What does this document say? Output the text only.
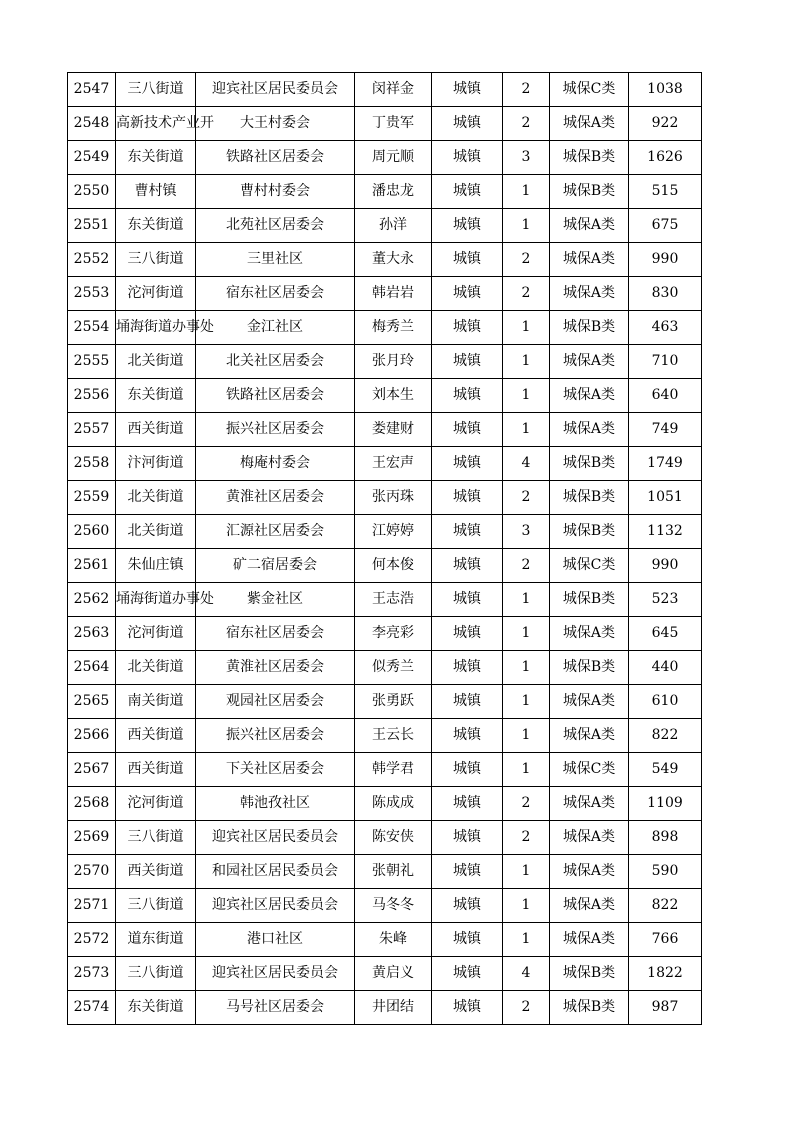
2547	三八街道	迎宾社区居民委员会	闵祥金	城镇	2	城保C类	1038
2548	高新技术产业开	大王村委会	丁贵军	城镇	2	城保A类	922
2549	东关街道	铁路社区居委会	周元顺	城镇	3	城保B类	1626
2550	曹村镇	曹村村委会	潘忠龙	城镇	1	城保B类	515
2551	东关街道	北苑社区居委会	孙洋	城镇	1	城保A类	675
2552	三八街道	三里社区	董大永	城镇	2	城保A类	990
2553	沱河街道	宿东社区居委会	韩岩岩	城镇	2	城保A类	830
2554	埇海街道办事处	金江社区	梅秀兰	城镇	1	城保B类	463
2555	北关街道	北关社区居委会	张月玲	城镇	1	城保A类	710
2556	东关街道	铁路社区居委会	刘本生	城镇	1	城保A类	640
2557	西关街道	振兴社区居委会	娄建财	城镇	1	城保A类	749
2558	汴河街道	梅庵村委会	王宏声	城镇	4	城保B类	1749
2559	北关街道	黄淮社区居委会	张丙珠	城镇	2	城保B类	1051
2560	北关街道	汇源社区居委会	江婷婷	城镇	3	城保B类	1132
2561	朱仙庄镇	矿二宿居委会	何本俊	城镇	2	城保C类	990
2562	埇海街道办事处	紫金社区	王志浩	城镇	1	城保B类	523
2563	沱河街道	宿东社区居委会	李亮彩	城镇	1	城保A类	645
2564	北关街道	黄淮社区居委会	似秀兰	城镇	1	城保B类	440
2565	南关街道	观园社区居委会	张勇跃	城镇	1	城保A类	610
2566	西关街道	振兴社区居委会	王云长	城镇	1	城保A类	822
2567	西关街道	下关社区居委会	韩学君	城镇	1	城保C类	549
2568	沱河街道	韩池孜社区	陈成成	城镇	2	城保A类	1109
2569	三八街道	迎宾社区居民委员会	陈安侠	城镇	2	城保A类	898
2570	西关街道	和园社区居民委员会	张朝礼	城镇	1	城保A类	590
2571	三八街道	迎宾社区居民委员会	马冬冬	城镇	1	城保A类	822
2572	道东街道	港口社区	朱峰	城镇	1	城保A类	766
2573	三八街道	迎宾社区居民委员会	黄启义	城镇	4	城保B类	1822
2574	东关街道	马号社区居委会	井团结	城镇	2	城保B类	987
